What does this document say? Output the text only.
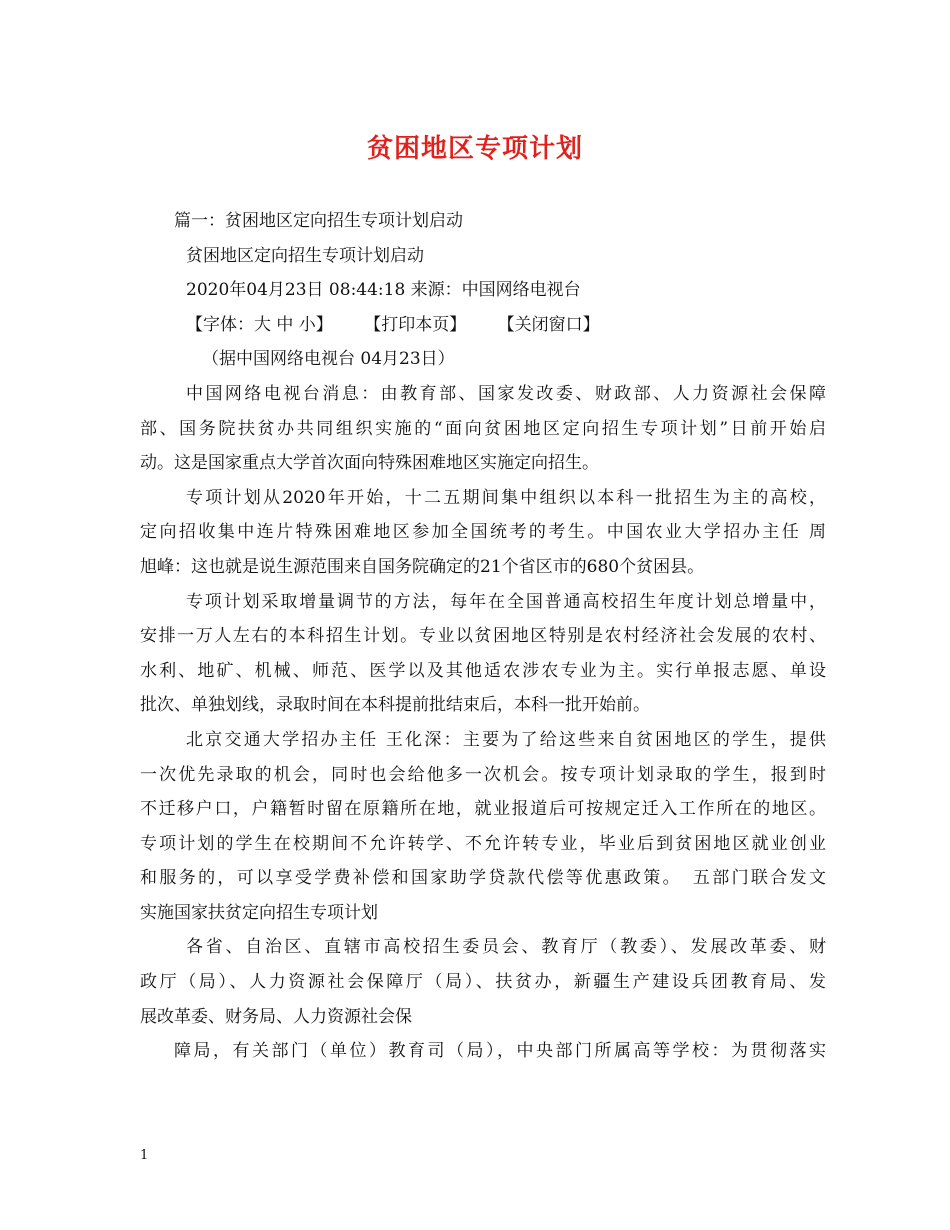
贫困地区专项计划
篇一：贫困地区定向招生专项计划启动
贫困地区定向招生专项计划启动
2020年04月23日 08:44:18 来源：中国网络电视台
【字体：大 中 小】 【打印本页】 【关闭窗口】
（据中国网络电视台 04月23日）
中国网络电视台消息：由教育部、国家发改委、财政部、人力资源社会保障
部、国务院扶贫办共同组织实施的“面向贫困地区定向招生专项计划”日前开始启
动。这是国家重点大学首次面向特殊困难地区实施定向招生。
专项计划从2020年开始，十二五期间集中组织以本科一批招生为主的高校，
定向招收集中连片特殊困难地区参加全国统考的考生。中国农业大学招办主任 周
旭峰：这也就是说生源范围来自国务院确定的21个省区市的680个贫困县。
专项计划采取增量调节的方法，每年在全国普通高校招生年度计划总增量中，
安排一万人左右的本科招生计划。专业以贫困地区特别是农村经济社会发展的农村、
水利、地矿、机械、师范、医学以及其他适农涉农专业为主。实行单报志愿、单设
批次、单独划线，录取时间在本科提前批结束后，本科一批开始前。
北京交通大学招办主任 王化深：主要为了给这些来自贫困地区的学生，提供
一次优先录取的机会，同时也会给他多一次机会。按专项计划录取的学生，报到时
不迁移户口，户籍暂时留在原籍所在地，就业报道后可按规定迁入工作所在的地区。
专项计划的学生在校期间不允许转学、不允许转专业，毕业后到贫困地区就业创业
和服务的，可以享受学费补偿和国家助学贷款代偿等优惠政策。　五部门联合发文
实施国家扶贫定向招生专项计划
各省、自治区、直辖市高校招生委员会、教育厅（教委）、发展改革委、财
政厅（局）、人力资源社会保障厅（局）、扶贫办，新疆生产建设兵团教育局、发
展改革委、财务局、人力资源社会保
障局，有关部门（单位）教育司（局），中央部门所属高等学校：为贯彻落实
1
